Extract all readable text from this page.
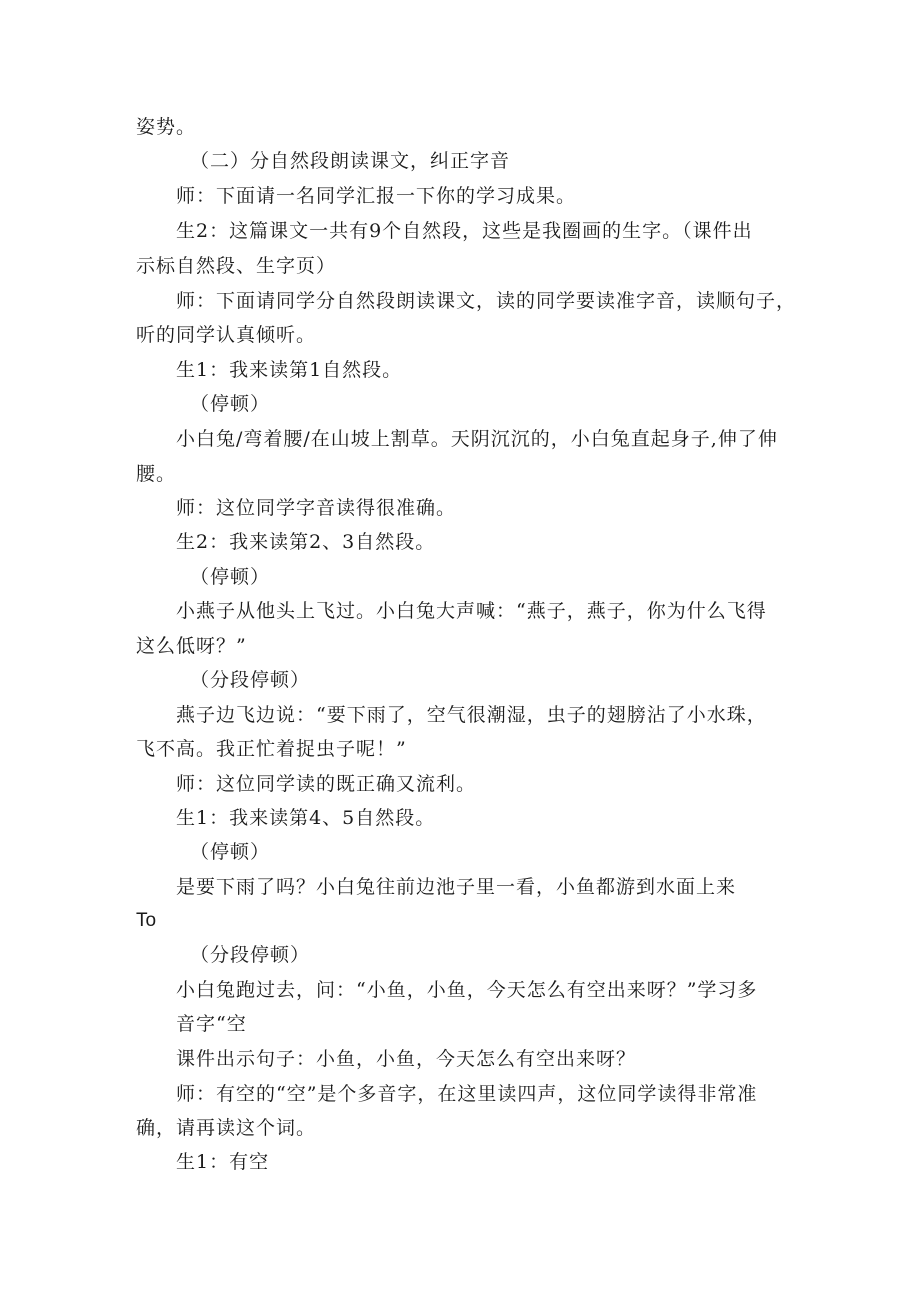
姿势。

（二）分自然段朗读课文，纠正字音

师：下面请一名同学汇报一下你的学习成果。

生2：这篇课文一共有9个自然段，这些是我圈画的生字。（课件出

示标自然段、生字页）

师：下面请同学分自然段朗读课文，读的同学要读准字音，读顺句子，

听的同学认真倾听。

生1：我来读第1自然段。

（停顿）

小白兔/弯着腰/在山坡上割草。天阴沉沉的，小白兔直起身子,伸了伸

腰。

师：这位同学字音读得很准确。

生2：我来读第2、3自然段。

（停顿）

小燕子从他头上飞过。小白兔大声喊：“燕子，燕子，你为什么飞得

这么低呀？”

（分段停顿）

燕子边飞边说：“要下雨了，空气很潮湿，虫子的翅膀沾了小水珠，

飞不高。我正忙着捉虫子呢！”

师：这位同学读的既正确又流利。

生1：我来读第4、5自然段。

（停顿）

是要下雨了吗？小白兔往前边池子里一看，小鱼都游到水面上来

To

（分段停顿）

小白兔跑过去，问：“小鱼，小鱼，今天怎么有空出来呀？”学习多

音字“空

课件出示句子：小鱼，小鱼，今天怎么有空出来呀？

师：有空的“空”是个多音字，在这里读四声，这位同学读得非常准

确，请再读这个词。

生1：有空
